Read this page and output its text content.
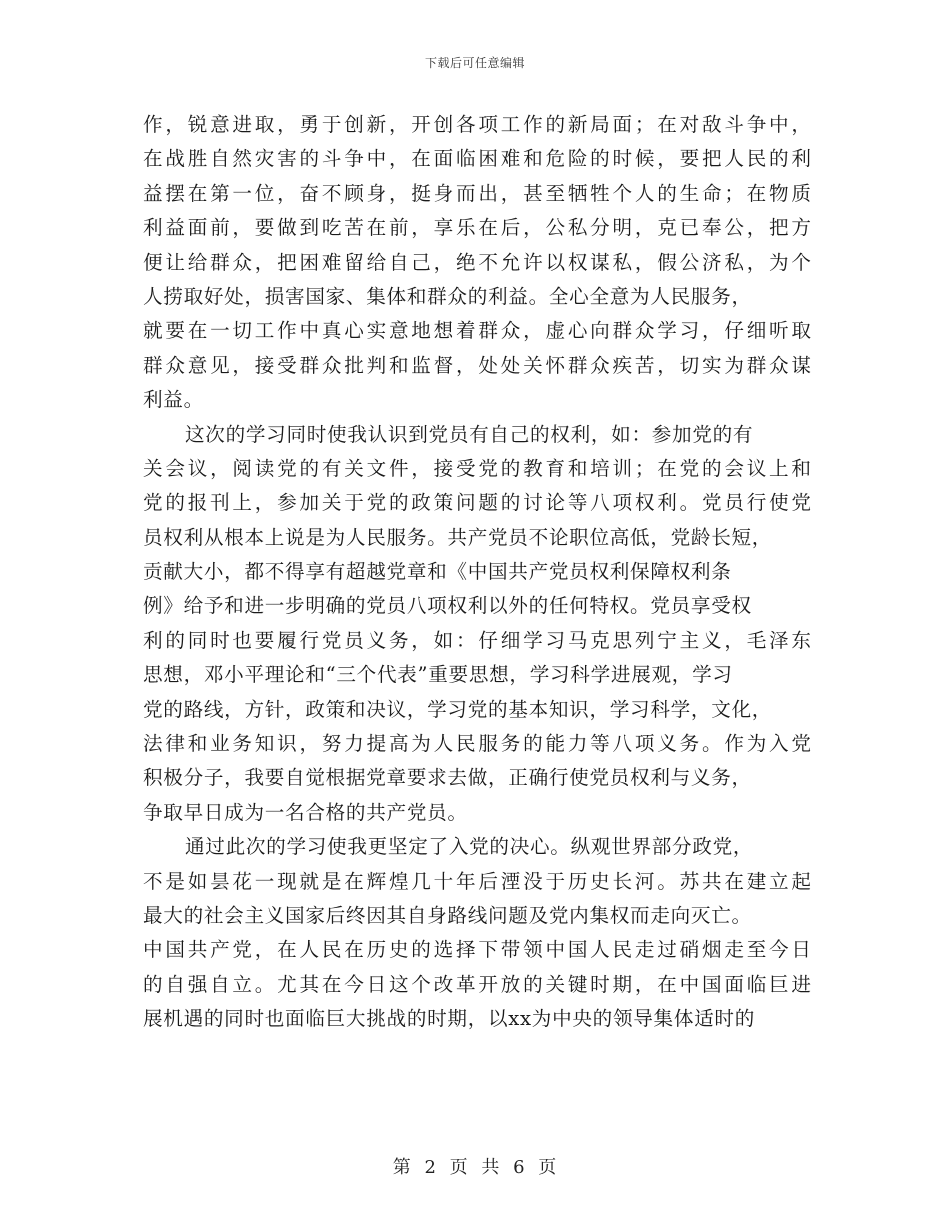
下载后可任意编辑
作，锐意进取，勇于创新，开创各项工作的新局面；在对敌斗争中，
在战胜自然灾害的斗争中，在面临困难和危险的时候，要把人民的利
益摆在第一位，奋不顾身，挺身而出，甚至牺牲个人的生命；在物质
利益面前，要做到吃苦在前，享乐在后，公私分明，克已奉公，把方
便让给群众，把困难留给自己，绝不允许以权谋私，假公济私，为个
人捞取好处，损害国家、集体和群众的利益。全心全意为人民服务，
就要在一切工作中真心实意地想着群众，虚心向群众学习，仔细听取
群众意见，接受群众批判和监督，处处关怀群众疾苦，切实为群众谋
利益。
这次的学习同时使我认识到党员有自己的权利，如：参加党的有
关会议，阅读党的有关文件，接受党的教育和培训；在党的会议上和
党的报刊上，参加关于党的政策问题的讨论等八项权利。党员行使党
员权利从根本上说是为人民服务。共产党员不论职位高低，党龄长短，
贡献大小，都不得享有超越党章和《中国共产党员权利保障权利条
例》给予和进一步明确的党员八项权利以外的任何特权。党员享受权
利的同时也要履行党员义务，如：仔细学习马克思列宁主义，毛泽东
思想，邓小平理论和“三个代表”重要思想，学习科学进展观，学习
党的路线，方针，政策和决议，学习党的基本知识，学习科学，文化，
法律和业务知识，努力提高为人民服务的能力等八项义务。作为入党
积极分子，我要自觉根据党章要求去做，正确行使党员权利与义务，
争取早日成为一名合格的共产党员。
通过此次的学习使我更坚定了入党的决心。纵观世界部分政党，
不是如昙花一现就是在辉煌几十年后湮没于历史长河。苏共在建立起
最大的社会主义国家后终因其自身路线问题及党内集权而走向灭亡。
中国共产党，在人民在历史的选择下带领中国人民走过硝烟走至今日
的自强自立。尤其在今日这个改革开放的关键时期，在中国面临巨进
展机遇的同时也面临巨大挑战的时期，以xx为中央的领导集体适时的
第 2 页 共 6 页
